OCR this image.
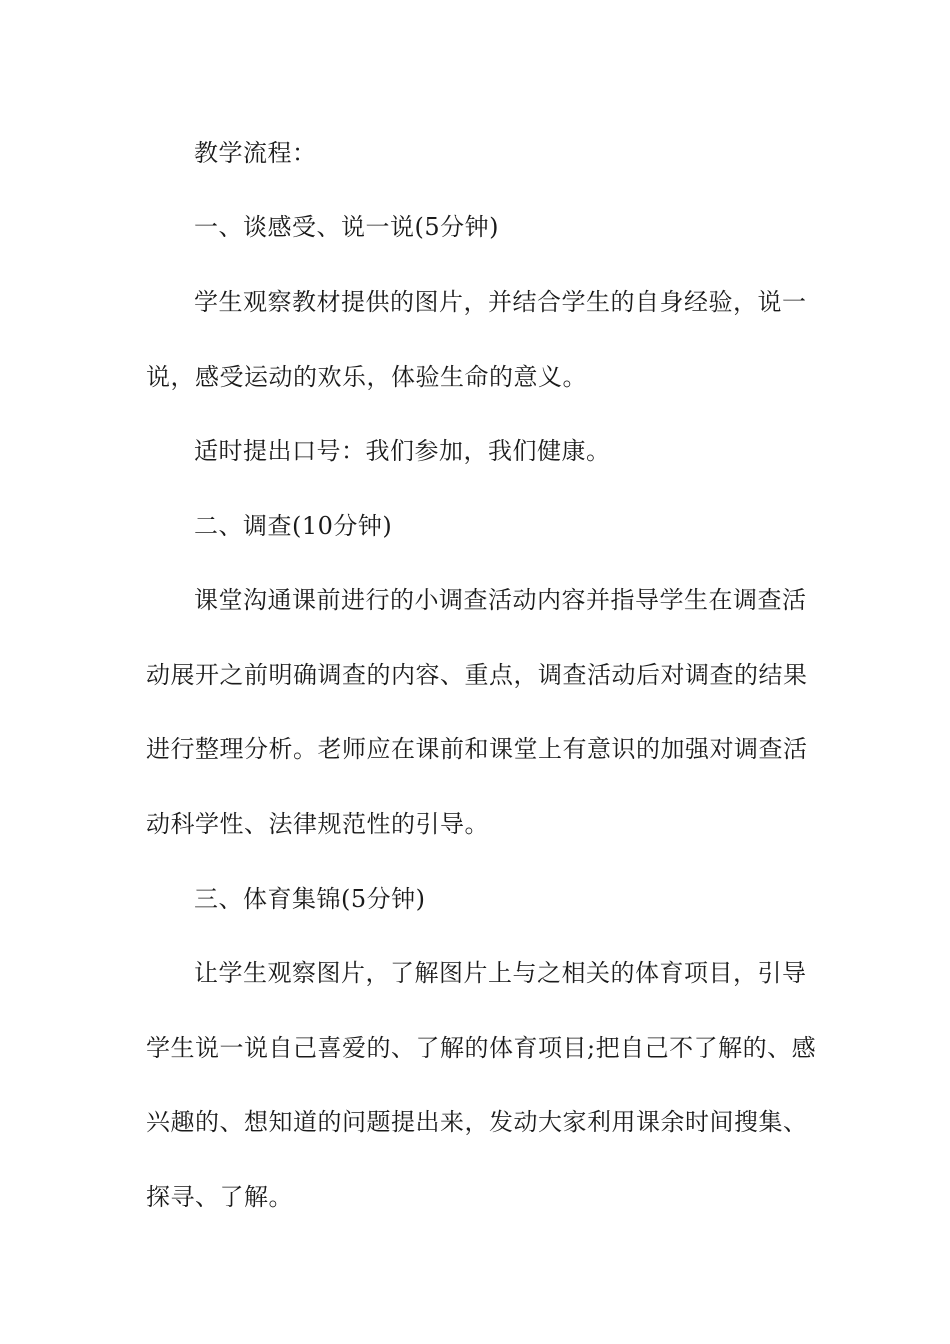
教学流程：
一、谈感受、说一说(5分钟)
学生观察教材提供的图片，并结合学生的自身经验，说一
说，感受运动的欢乐，体验生命的意义。
适时提出口号：我们参加，我们健康。
二、调查(10分钟)
课堂沟通课前进行的小调查活动内容并指导学生在调查活
动展开之前明确调查的内容、重点，调查活动后对调查的结果
进行整理分析。老师应在课前和课堂上有意识的加强对调查活
动科学性、法律规范性的引导。
三、体育集锦(5分钟)
让学生观察图片，了解图片上与之相关的体育项目，引导
学生说一说自己喜爱的、了解的体育项目;把自己不了解的、感
兴趣的、想知道的问题提出来，发动大家利用课余时间搜集、
探寻、了解。
